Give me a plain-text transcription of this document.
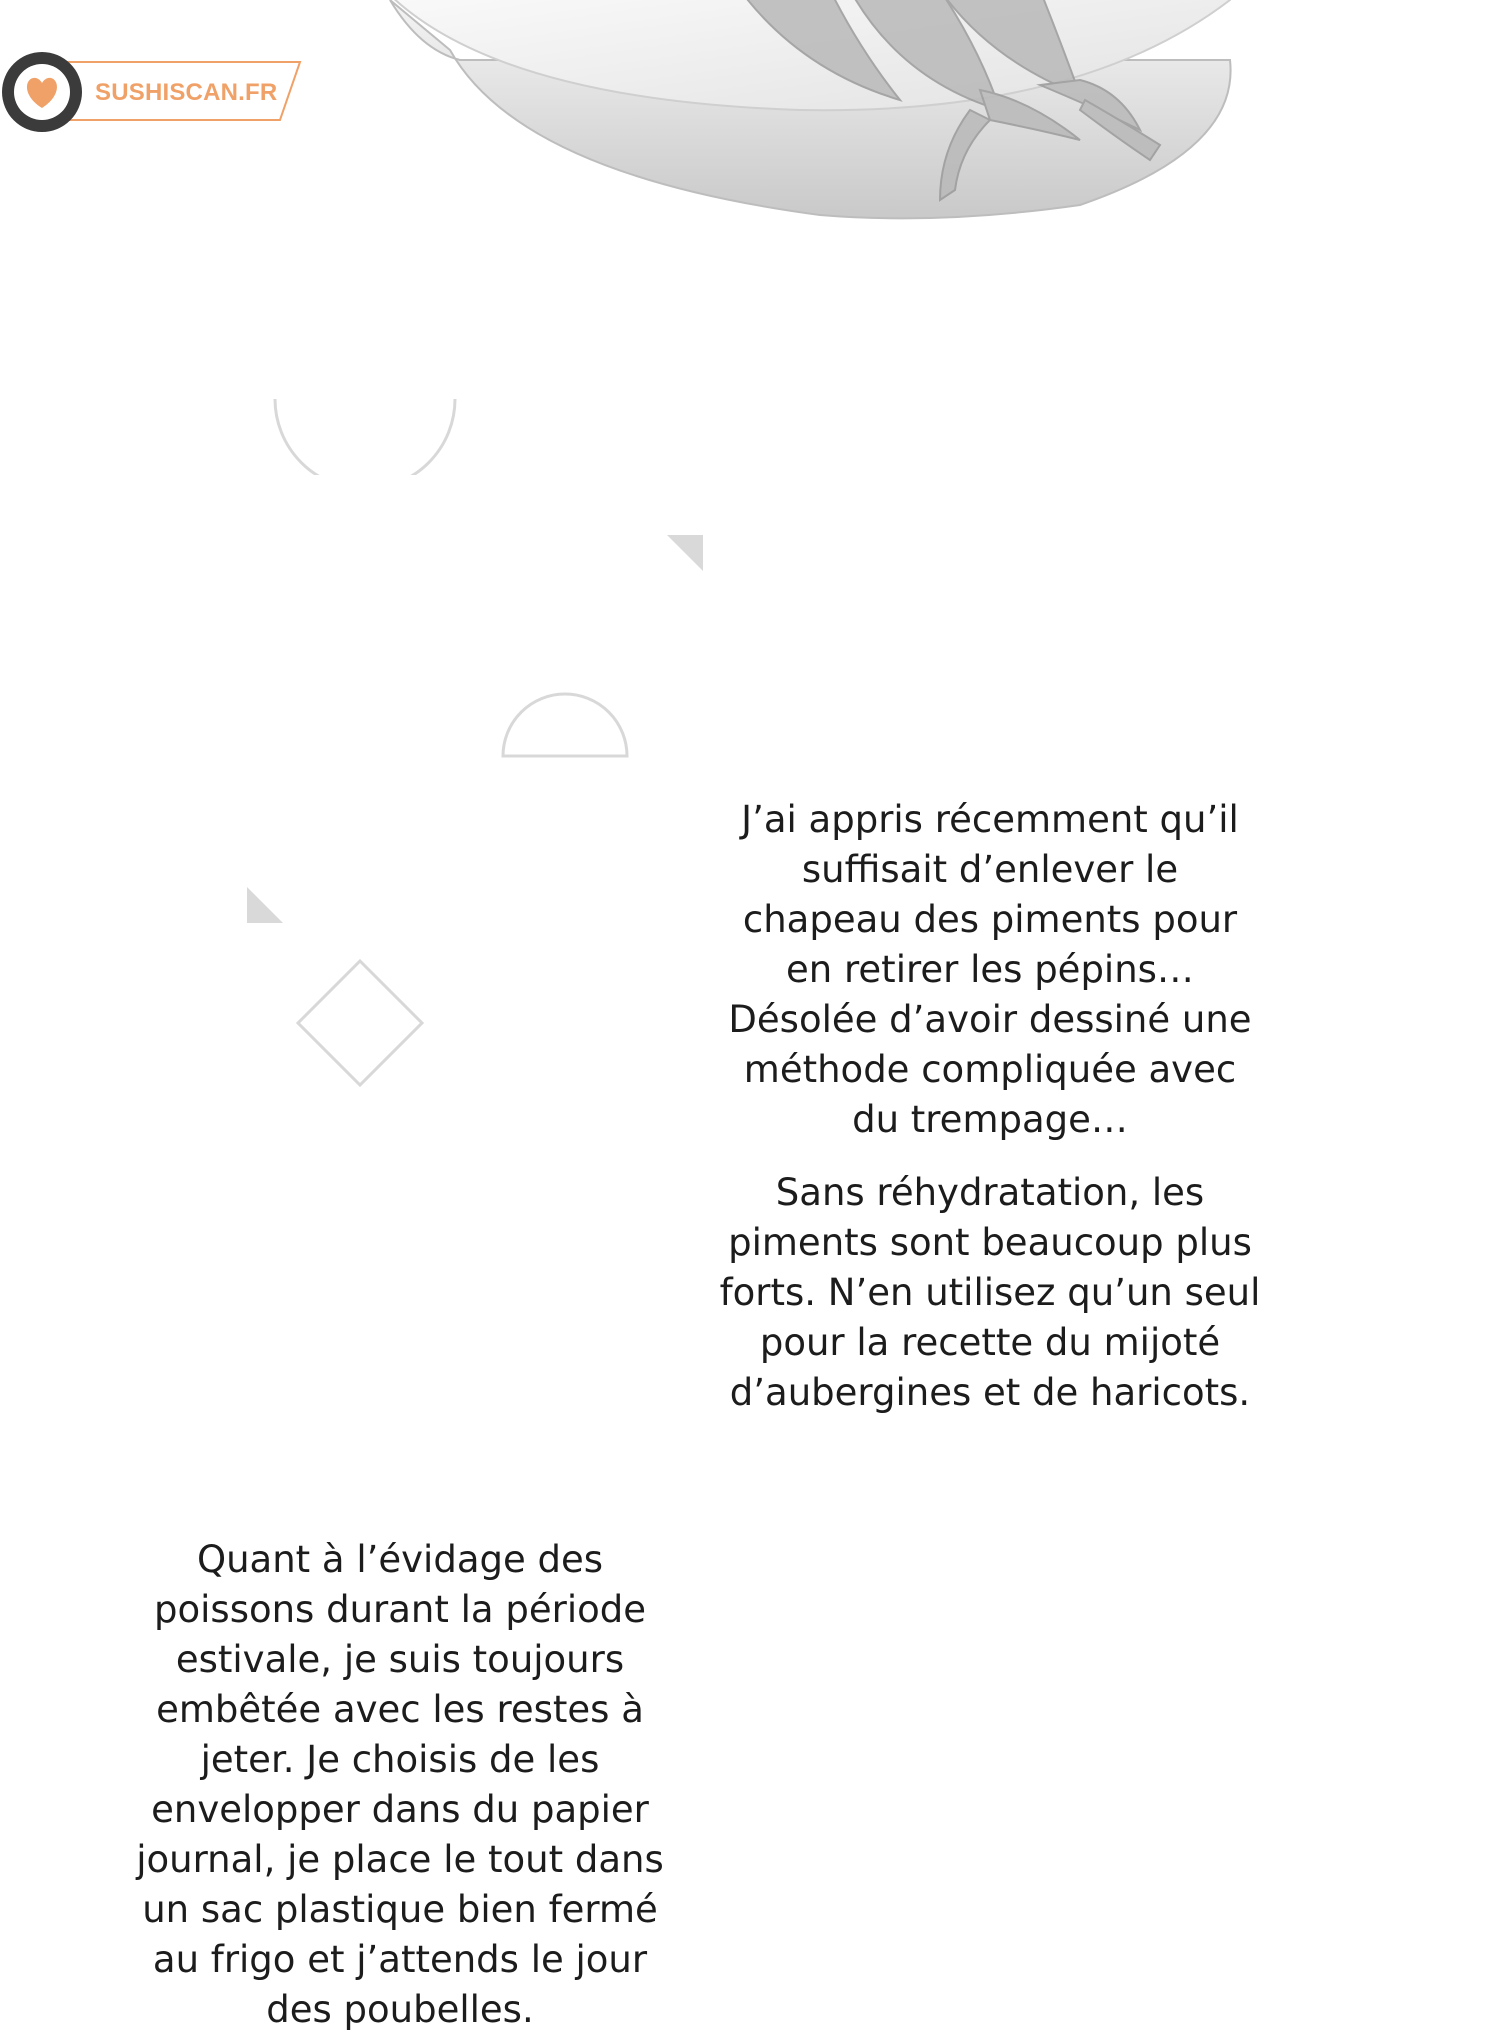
SUSHISCAN.FR

J’ai appris récemment qu’il suffisait d’enlever le chapeau des piments pour en retirer les pépins… Désolée d’avoir dessiné une méthode compliquée avec du trempage…

Sans réhydratation, les piments sont beaucoup plus forts. N’en utilisez qu’un seul pour la recette du mijoté d’aubergines et de haricots.

Quant à l’évidage des poissons durant la période estivale, je suis toujours embêtée avec les restes à jeter. Je choisis de les envelopper dans du papier journal, je place le tout dans un sac plastique bien fermé au frigo et j’attends le jour des poubelles.
